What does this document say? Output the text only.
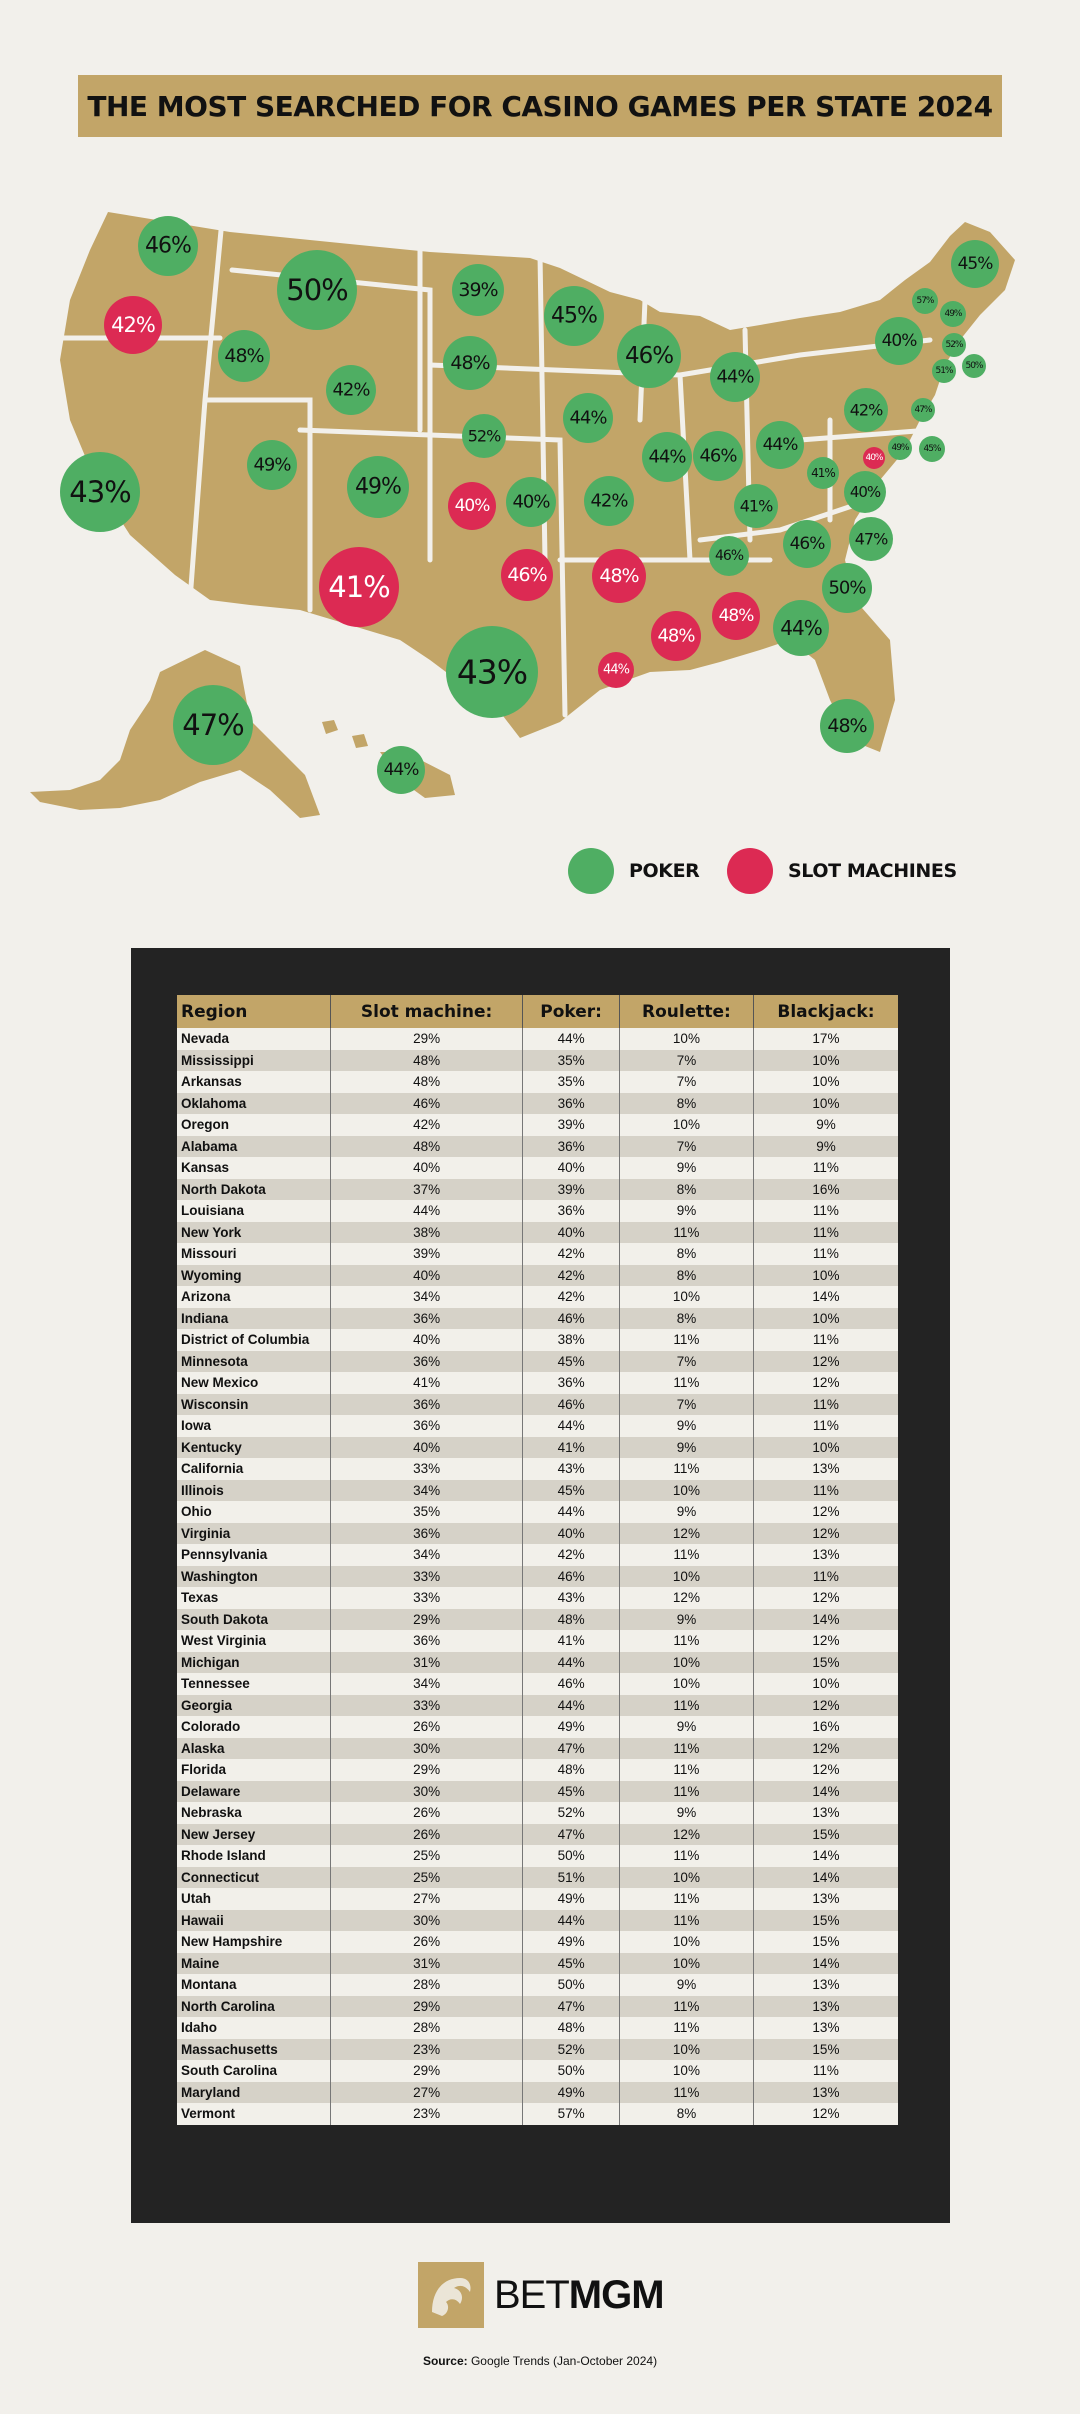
THE MOST SEARCHED FOR CASINO GAMES PER STATE 2024
46%
42%
50%	39%
45%
46%
44%
48%
42%
48%
44%
43%
49%
49%
52%
44%
40% 40% 42%
46%
44%
41%
41%
42%
41%	46%	48%
46%
46%
40%
47%
50%
48%
48%
44%
44%
43%
47%
44%
48%
45%
57%
49%
40%	52%
51% 50%
47%
49% 45%
40%
POKER	SLOT MACHINES
Region	Slot machine:	Poker:	Roulette:	Blackjack:
Nevada	29%	44%	10%	17%
Mississippi	48%	35%	7%	10%
Arkansas	48%	35%	7%	10%
Oklahoma	46%	36%	8%	10%
Oregon	42%	39%	10%	9%
Alabama	48%	36%	7%	9%
Kansas	40%	40%	9%	11%
North Dakota	37%	39%	8%	16%
Louisiana	44%	36%	9%	11%
New York	38%	40%	11%	11%
Missouri	39%	42%	8%	11%
Wyoming	40%	42%	8%	10%
Arizona	34%	42%	10%	14%
Indiana	36%	46%	8%	10%
District of Columbia	40%	38%	11%	11%
Minnesota	36%	45%	7%	12%
New Mexico	41%	36%	11%	12%
Wisconsin	36%	46%	7%	11%
Iowa	36%	44%	9%	11%
Kentucky	40%	41%	9%	10%
California	33%	43%	11%	13%
Illinois	34%	45%	10%	11%
Ohio	35%	44%	9%	12%
Virginia	36%	40%	12%	12%
Pennsylvania	34%	42%	11%	13%
Washington	33%	46%	10%	11%
Texas	33%	43%	12%	12%
South Dakota	29%	48%	9%	14%
West Virginia	36%	41%	11%	12%
Michigan	31%	44%	10%	15%
Tennessee	34%	46%	10%	10%
Georgia	33%	44%	11%	12%
Colorado	26%	49%	9%	16%
Alaska	30%	47%	11%	12%
Florida	29%	48%	11%	12%
Delaware	30%	45%	11%	14%
Nebraska	26%	52%	9%	13%
New Jersey	26%	47%	12%	15%
Rhode Island	25%	50%	11%	14%
Connecticut	25%	51%	10%	14%
Utah	27%	49%	11%	13%
Hawaii	30%	44%	11%	15%
New Hampshire	26%	49%	10%	15%
Maine	31%	45%	10%	14%
Montana	28%	50%	9%	13%
North Carolina	29%	47%	11%	13%
Idaho	28%	48%	11%	13%
Massachusetts	23%	52%	10%	15%
South Carolina	29%	50%	10%	11%
Maryland	27%	49%	11%	13%
Vermont	23%	57%	8%	12%
BETMGM
Source: Google Trends (Jan-October 2024)
